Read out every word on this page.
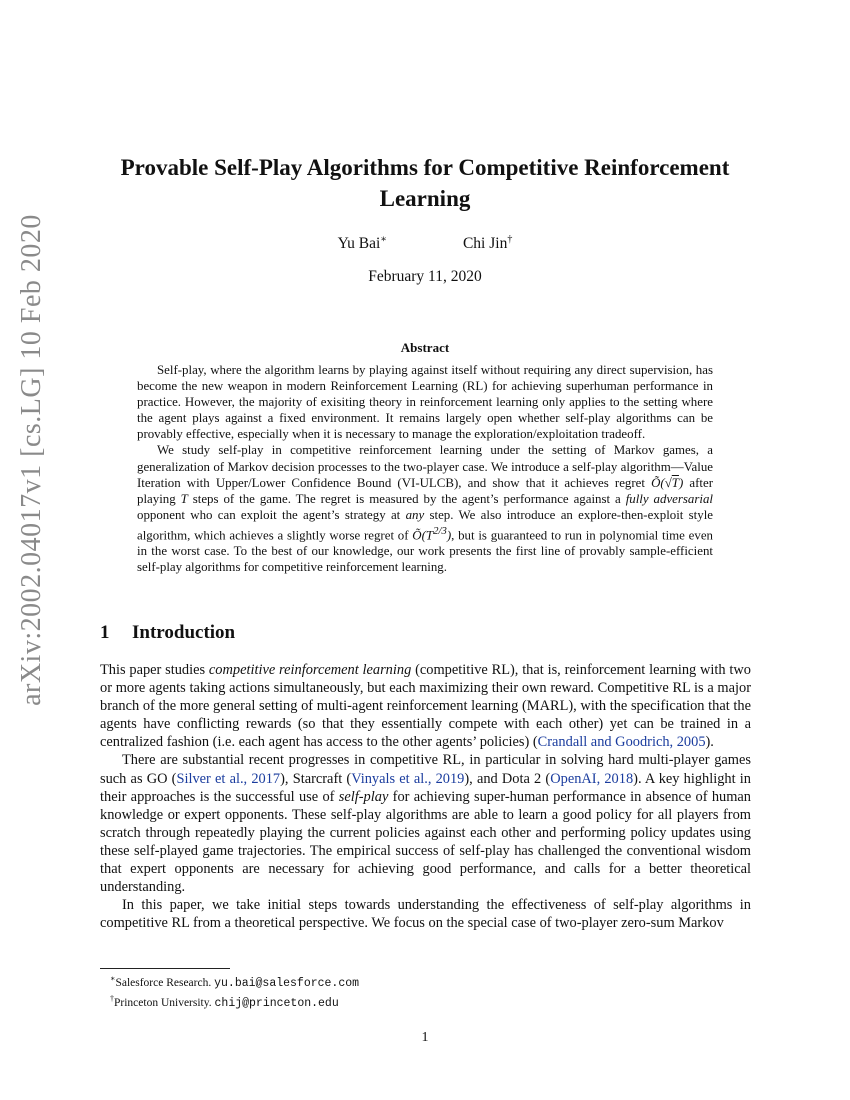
arXiv:2002.04017v1 [cs.LG] 10 Feb 2020
Provable Self-Play Algorithms for Competitive Reinforcement Learning
Yu Bai∗	Chi Jin†
February 11, 2020
Abstract

Self-play, where the algorithm learns by playing against itself without requiring any direct supervision, has become the new weapon in modern Reinforcement Learning (RL) for achieving superhuman performance in practice. However, the majority of exisiting theory in reinforcement learning only applies to the setting where the agent plays against a fixed environment. It remains largely open whether self-play algorithms can be provably effective, especially when it is necessary to manage the exploration/exploitation tradeoff.

We study self-play in competitive reinforcement learning under the setting of Markov games, a generalization of Markov decision processes to the two-player case. We introduce a self-play algorithm—Value Iteration with Upper/Lower Confidence Bound (VI-ULCB), and show that it achieves regret Õ(√T) after playing T steps of the game. The regret is measured by the agent’s performance against a fully adversarial opponent who can exploit the agent’s strategy at any step. We also introduce an explore-then-exploit style algorithm, which achieves a slightly worse regret of $Õ(T^{2/3})$, but is guaranteed to run in polynomial time even in the worst case. To the best of our knowledge, our work presents the first line of provably sample-efficient self-play algorithms for competitive reinforcement learning.

1 Introduction

This paper studies competitive reinforcement learning (competitive RL), that is, reinforcement learning with two or more agents taking actions simultaneously, but each maximizing their own reward. Competitive RL is a major branch of the more general setting of multi-agent reinforcement learning (MARL), with the specification that the agents have conflicting rewards (so that they essentially compete with each other) yet can be trained in a centralized fashion (i.e. each agent has access to the other agents’ policies) (Crandall and Goodrich, 2005).

There are substantial recent progresses in competitive RL, in particular in solving hard multi-player games such as GO (Silver et al., 2017), Starcraft (Vinyals et al., 2019), and Dota 2 (OpenAI, 2018). A key highlight in their approaches is the successful use of self-play for achieving super-human performance in absence of human knowledge or expert opponents. These self-play algorithms are able to learn a good policy for all players from scratch through repeatedly playing the current policies against each other and performing policy updates using these self-played game trajectories. The empirical success of self-play has challenged the conventional wisdom that expert opponents are necessary for achieving good performance, and calls for a better theoretical understanding.

In this paper, we take initial steps towards understanding the effectiveness of self-play algorithms in competitive RL from a theoretical perspective. We focus on the special case of two-player zero-sum Markov

∗Salesforce Research. yu.bai@salesforce.com
†Princeton University. chij@princeton.edu
1
